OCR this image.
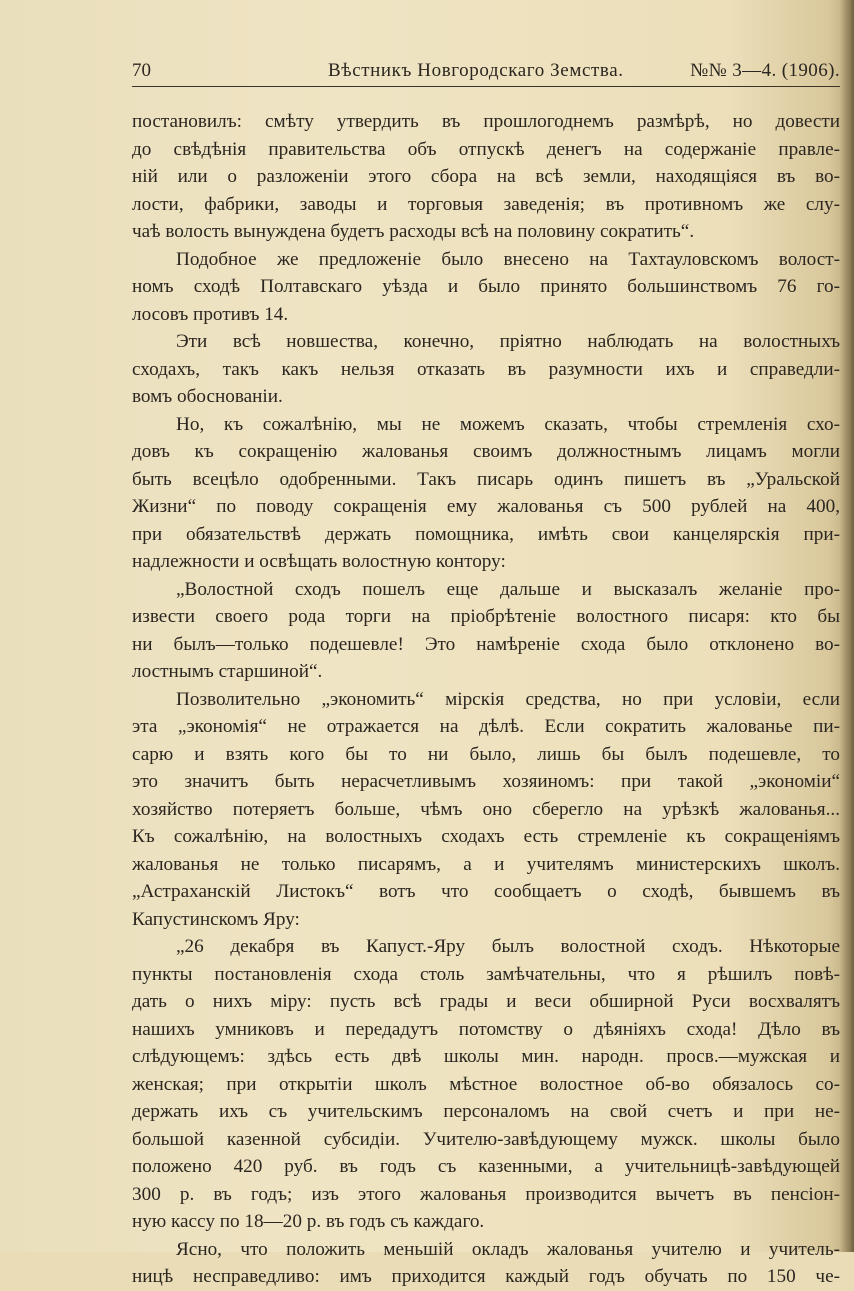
70	Вѣстникъ Новгородскаго Земства.	№№ 3—4. (1906).
постановилъ: смѣту утвердить въ прошлогоднемъ размѣрѣ, но довести
до свѣдѣнія правительства объ отпускѣ денегъ на содержаніе правле-
ній или о разложеніи этого сбора на всѣ земли, находящіяся въ во-
лости, фабрики, заводы и торговыя заведенія; въ противномъ же слу-
чаѣ волость вынуждена будетъ расходы всѣ на половину сократить“.
Подобное же предложеніе было внесено на Тахтауловскомъ волост-
номъ сходѣ Полтавскаго уѣзда и было принято большинствомъ 76 го-
лосовъ противъ 14.
Эти всѣ новшества, конечно, пріятно наблюдать на волостныхъ
сходахъ, такъ какъ нельзя отказать въ разумности ихъ и справедли-
вомъ обоснованіи.
Но, къ сожалѣнію, мы не можемъ сказать, чтобы стремленія схо-
довъ къ сокращенію жалованья своимъ должностнымъ лицамъ могли
быть всецѣло одобренными. Такъ писарь одинъ пишетъ въ „Уральской
Жизни“ по поводу сокращенія ему жалованья съ 500 рублей на 400,
при обязательствѣ держать помощника, имѣть свои канцелярскія при-
надлежности и освѣщать волостную контору:
„Волостной сходъ пошелъ еще дальше и высказалъ желаніе про-
извести своего рода торги на пріобрѣтеніе волостного писаря: кто бы
ни былъ—только подешевле! Это намѣреніе схода было отклонено во-
лостнымъ старшиной“.
Позволительно „экономить“ мірскія средства, но при условіи, если
эта „экономія“ не отражается на дѣлѣ. Если сократить жалованье пи-
сарю и взять кого бы то ни было, лишь бы былъ подешевле, то
это значитъ быть нерасчетливымъ хозяиномъ: при такой „экономіи“
хозяйство потеряетъ больше, чѣмъ оно сберегло на урѣзкѣ жалованья...
Къ сожалѣнію, на волостныхъ сходахъ есть стремленіе къ сокращеніямъ
жалованья не только писарямъ, а и учителямъ министерскихъ школъ.
„Астраханскій Листокъ“ вотъ что сообщаетъ о сходѣ, бывшемъ въ
Капустинскомъ Яру:
„26 декабря въ Капуст.-Яру былъ волостной сходъ. Нѣкоторые
пункты постановленія схода столь замѣчательны, что я рѣшилъ повѣ-
дать о нихъ міру: пусть всѣ грады и веси обширной Руси восхвалятъ
нашихъ умниковъ и передадутъ потомству о дѣяніяхъ схода! Дѣло въ
слѣдующемъ: здѣсь есть двѣ школы мин. народн. просв.—мужская и
женская; при открытіи школъ мѣстное волостное об-во обязалось со-
держать ихъ съ учительскимъ персоналомъ на свой счетъ и при не-
большой казенной субсидіи. Учителю-завѣдующему мужск. школы было
положено 420 руб. въ годъ съ казенными, а учительницѣ-завѣдующей
300 р. въ годъ; изъ этого жалованья производится вычетъ въ пенсіон-
ную кассу по 18—20 р. въ годъ съ каждаго.
Ясно, что положить меньшій окладъ жалованья учителю и учитель-
ницѣ несправедливо: имъ приходится каждый годъ обучать по 150 че-
